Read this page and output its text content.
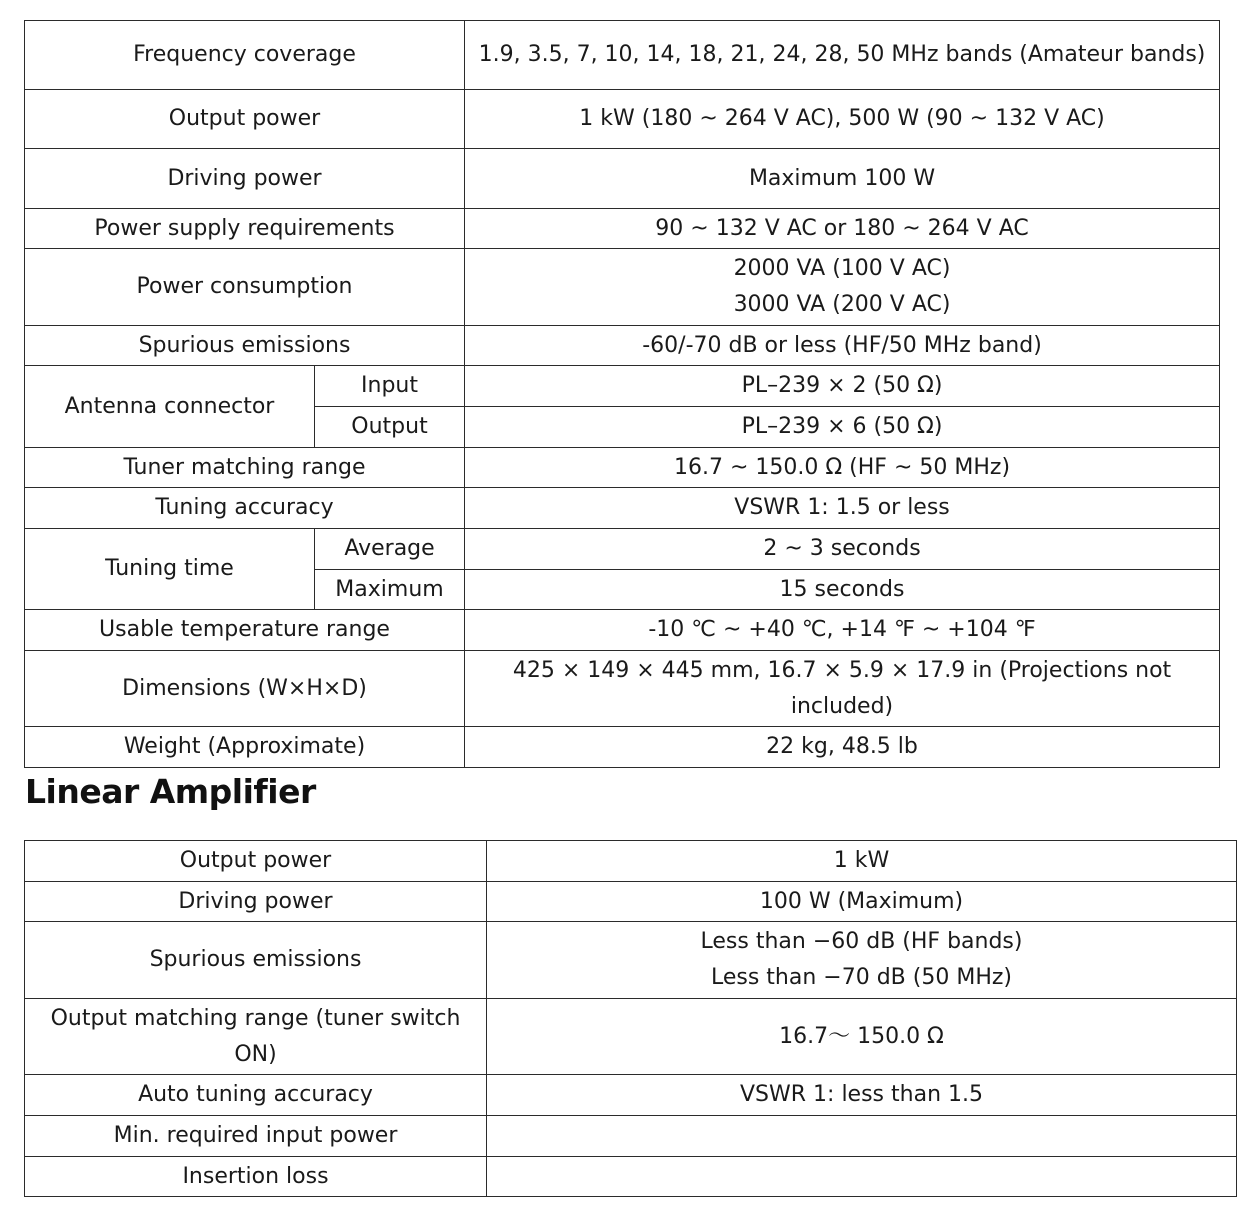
Frequency coverage		1.9, 3.5, 7, 10, 14, 18, 21, 24, 28, 50 MHz bands (Amateur bands)
Output power		1 kW (180 ~ 264 V AC), 500 W (90 ~ 132 V AC)
Driving power		Maximum 100 W
Power supply requirements		90 ~ 132 V AC or 180 ~ 264 V AC
Power consumption		2000 VA (100 V AC)
3000 VA (200 V AC)

Spurious emissions		-60/-70 dB or less (HF/50 MHz band)
Antenna connector	Input	PL–239 × 2 (50 Ω)
	Output	PL–239 × 6 (50 Ω)
Tuner matching range		16.7 ~ 150.0 Ω (HF ~ 50 MHz)
Tuning accuracy		VSWR 1: 1.5 or less
Tuning time	Average	2 ~ 3 seconds
	Maximum	15 seconds
Usable temperature range		-10 ℃ ~ +40 ℃, +14 ℉ ~ +104 ℉
Dimensions (W×H×D)		425 × 149 × 445 mm, 16.7 × 5.9 × 17.9 in (Projections not
included)

Weight (Approximate)		22 kg, 48.5 lb
Linear Amplifier
Output power	1 kW
Driving power	100 W (Maximum)
Spurious emissions	Less than −60 dB (HF bands)
Less than −70 dB (50 MHz)

Output matching range (tuner switch
ON)	16.7～ 150.0 Ω
Auto tuning accuracy	VSWR 1: less than 1.5
Min. required input power	
Insertion loss	
